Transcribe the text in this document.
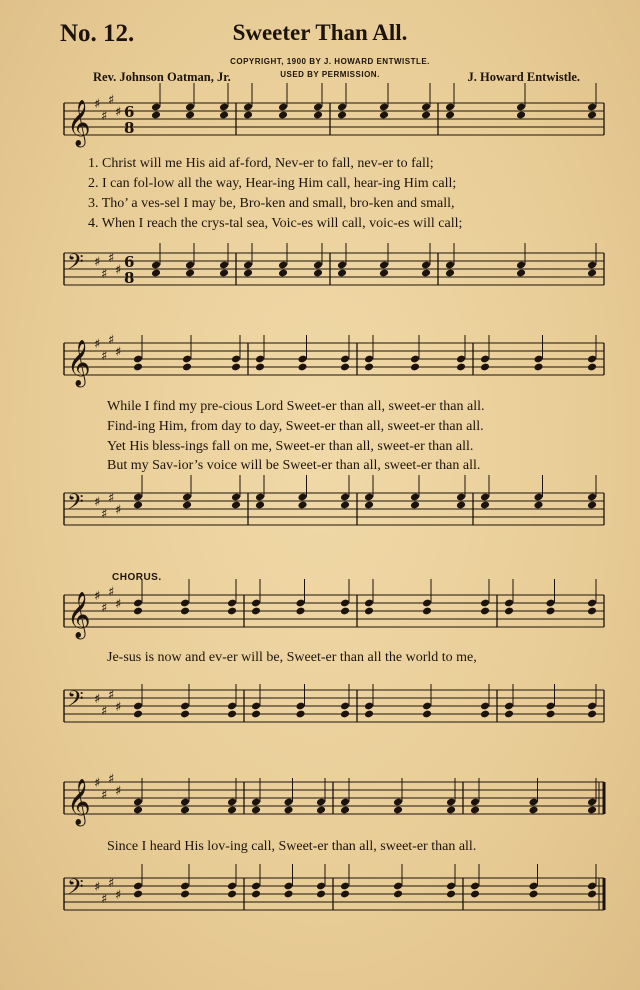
No. 12.	Sweeter Than All.
COPYRIGHT, 1900 BY J. HOWARD ENTWISTLE.
USED BY PERMISSION.
Rev. Johnson Oatman, Jr.	J. Howard Entwistle.
𝄞 ♯
♯
♯
♯ 6
8
𝄢 ♯
♯
♯
♯ 6
8
𝄞 ♯
♯
♯
♯
𝄢 ♯
♯
♯
♯
𝄞 ♯
♯
♯
♯
𝄢 ♯
♯
♯
♯
𝄞 ♯
♯
♯
♯
𝄢 ♯
♯
♯
♯
1. Christ will me His aid af-ford, Nev-er to fall, nev-er to fall;
2. I can fol-low all the way, Hear-ing Him call, hear-ing Him call;
3. Tho’ a ves-sel I may be, Bro-ken and small, bro-ken and small,
4. When I reach the crys-tal sea, Voic-es will call, voic-es will call;
While I find my pre-cious Lord Sweet-er than all, sweet-er than all.
Find-ing Him, from day to day, Sweet-er than all, sweet-er than all.
Yet His bless-ings fall on me, Sweet-er than all, sweet-er than all.
But my Sav-ior’s voice will be Sweet-er than all, sweet-er than all.
CHORUS.
Je-sus is now and ev-er will be, Sweet-er than all the world to me,
Since I heard His lov-ing call, Sweet-er than all, sweet-er than all.
